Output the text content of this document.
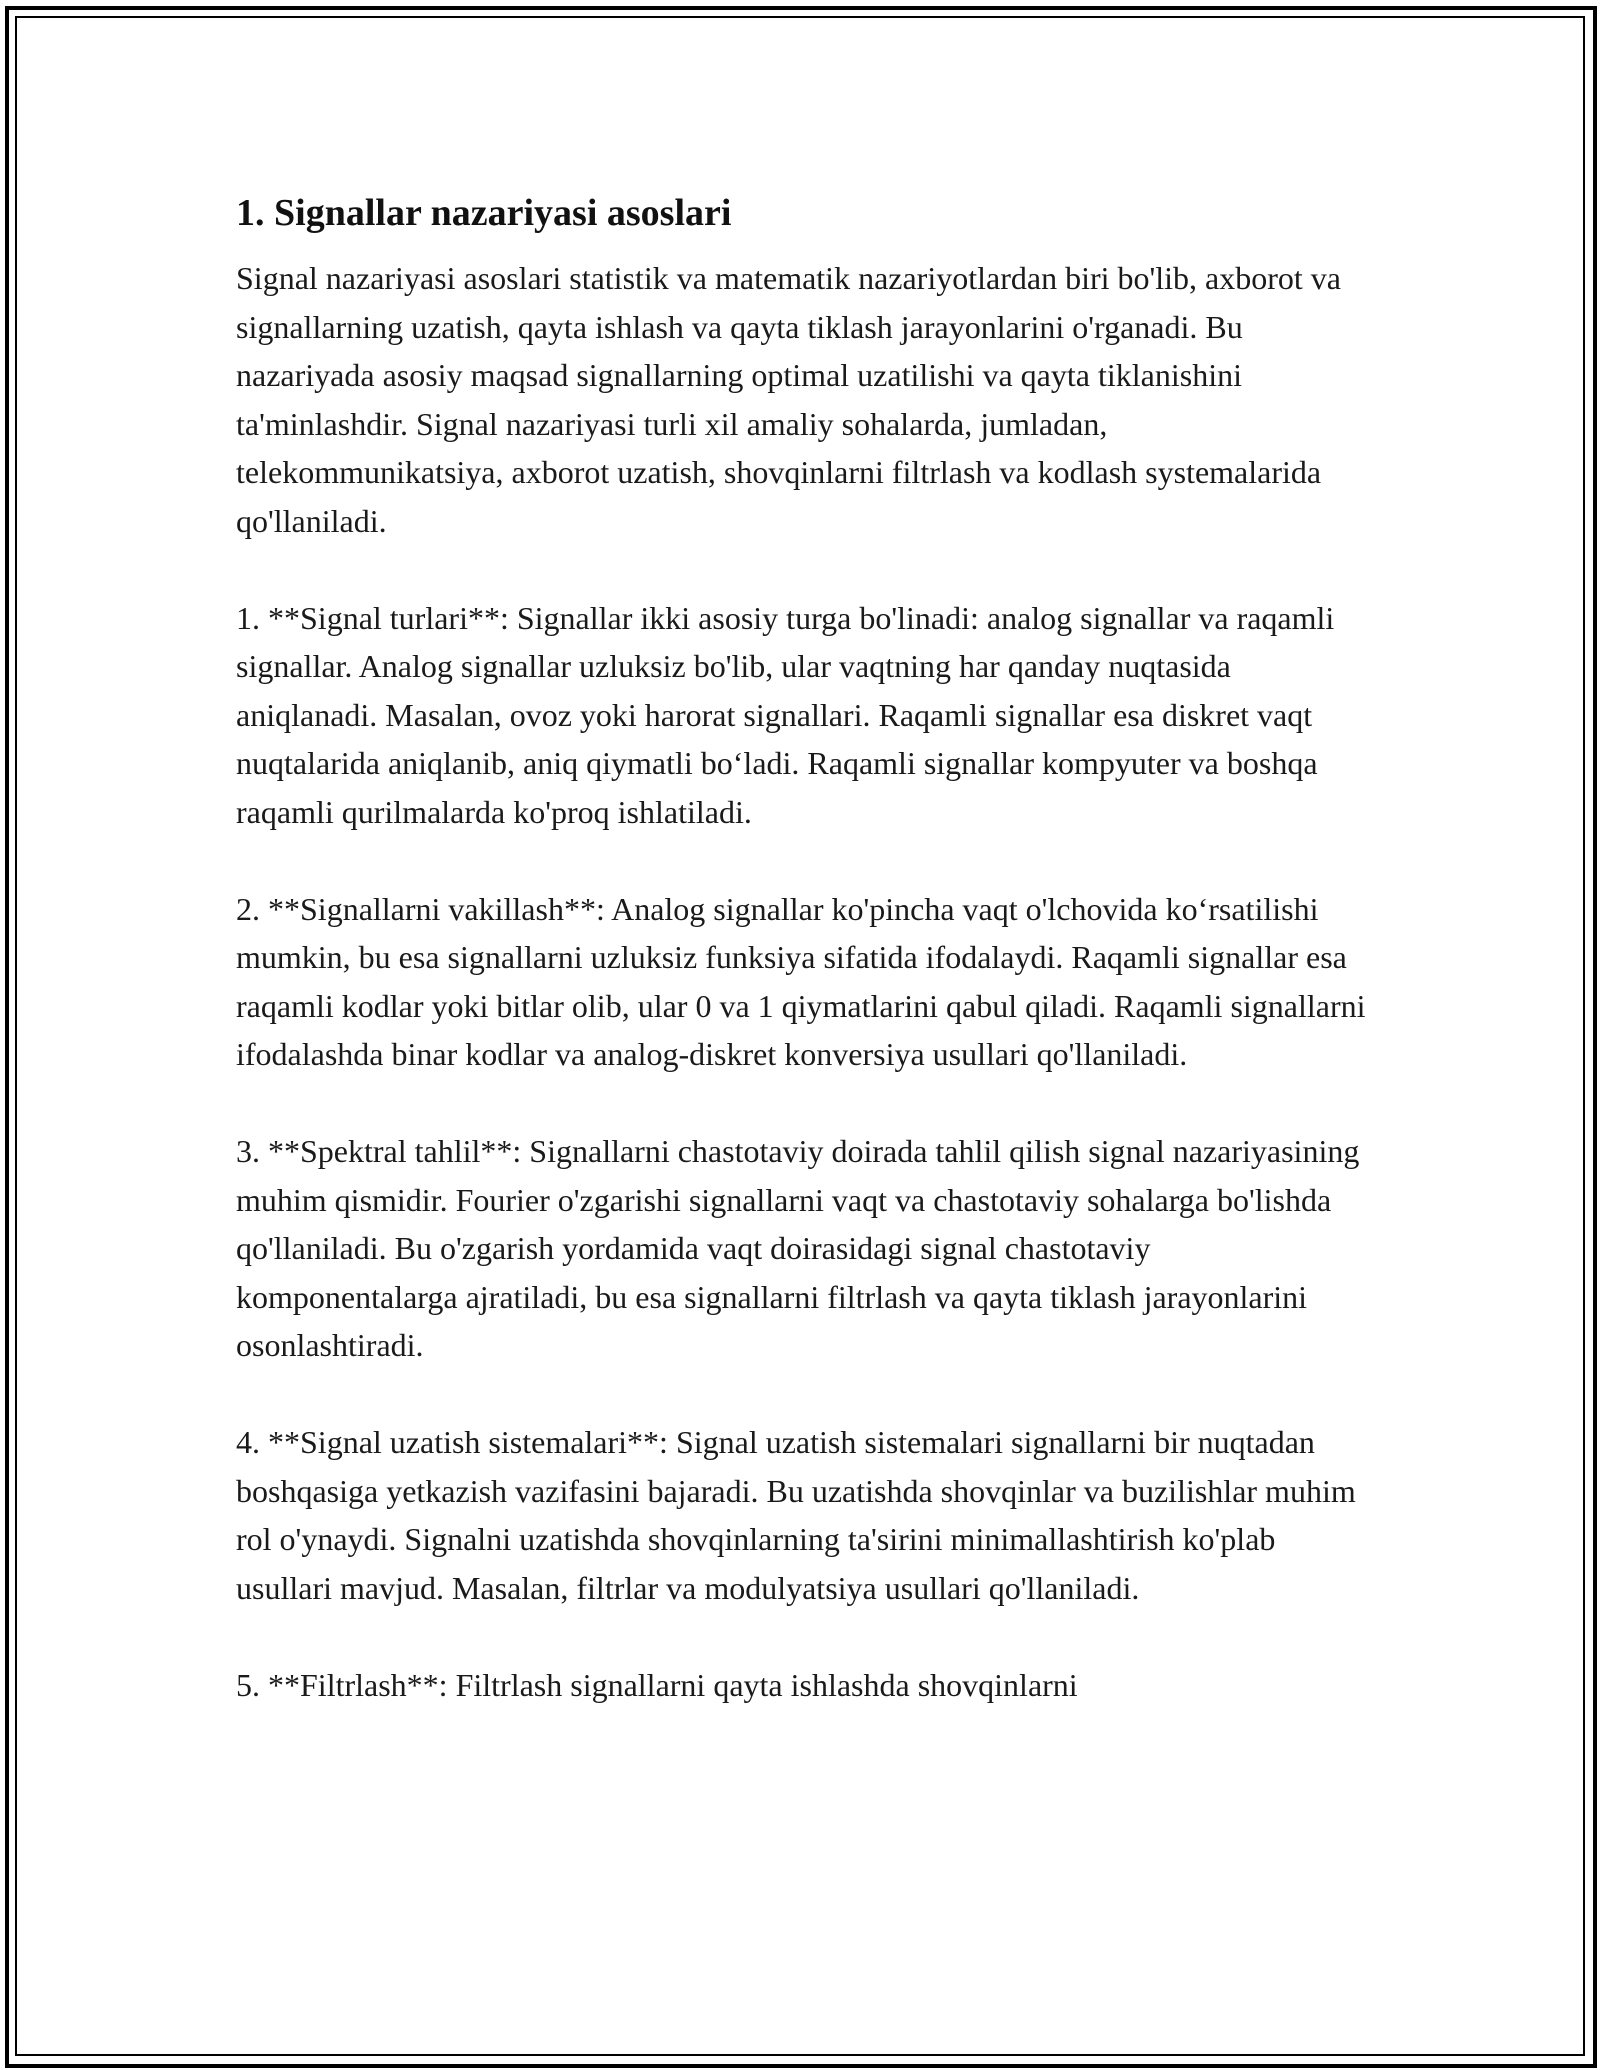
1. Signallar nazariyasi asoslari

Signal nazariyasi asoslari statistik va matematik nazariyotlardan biri bo'lib, axborot va signallarning uzatish, qayta ishlash va qayta tiklash jarayonlarini o'rganadi. Bu nazariyada asosiy maqsad signallarning optimal uzatilishi va qayta tiklanishini ta'minlashdir. Signal nazariyasi turli xil amaliy sohalarda, jumladan, telekommunikatsiya, axborot uzatish, shovqinlarni filtrlash va kodlash systemalarida qo'llaniladi.

1. **Signal turlari**: Signallar ikki asosiy turga bo'linadi: analog signallar va raqamli signallar. Analog signallar uzluksiz bo'lib, ular vaqtning har qanday nuqtasida aniqlanadi. Masalan, ovoz yoki harorat signallari. Raqamli signallar esa diskret vaqt nuqtalarida aniqlanib, aniq qiymatli bo‘ladi. Raqamli signallar kompyuter va boshqa raqamli qurilmalarda ko'proq ishlatiladi.

2. **Signallarni vakillash**: Analog signallar ko'pincha vaqt o'lchovida ko‘rsatilishi mumkin, bu esa signallarni uzluksiz funksiya sifatida ifodalaydi. Raqamli signallar esa raqamli kodlar yoki bitlar olib, ular 0 va 1 qiymatlarini qabul qiladi. Raqamli signallarni ifodalashda binar kodlar va analog-diskret konversiya usullari qo'llaniladi.

3. **Spektral tahlil**: Signallarni chastotaviy doirada tahlil qilish signal nazariyasining muhim qismidir. Fourier o'zgarishi signallarni vaqt va chastotaviy sohalarga bo'lishda qo'llaniladi. Bu o'zgarish yordamida vaqt doirasidagi signal chastotaviy komponentalarga ajratiladi, bu esa signallarni filtrlash va qayta tiklash jarayonlarini osonlashtiradi.

4. **Signal uzatish sistemalari**: Signal uzatish sistemalari signallarni bir nuqtadan boshqasiga yetkazish vazifasini bajaradi. Bu uzatishda shovqinlar va buzilishlar muhim rol o'ynaydi. Signalni uzatishda shovqinlarning ta'sirini minimallashtirish ko'plab usullari mavjud. Masalan, filtrlar va modulyatsiya usullari qo'llaniladi.

5. **Filtrlash**: Filtrlash signallarni qayta ishlashda shovqinlarni
